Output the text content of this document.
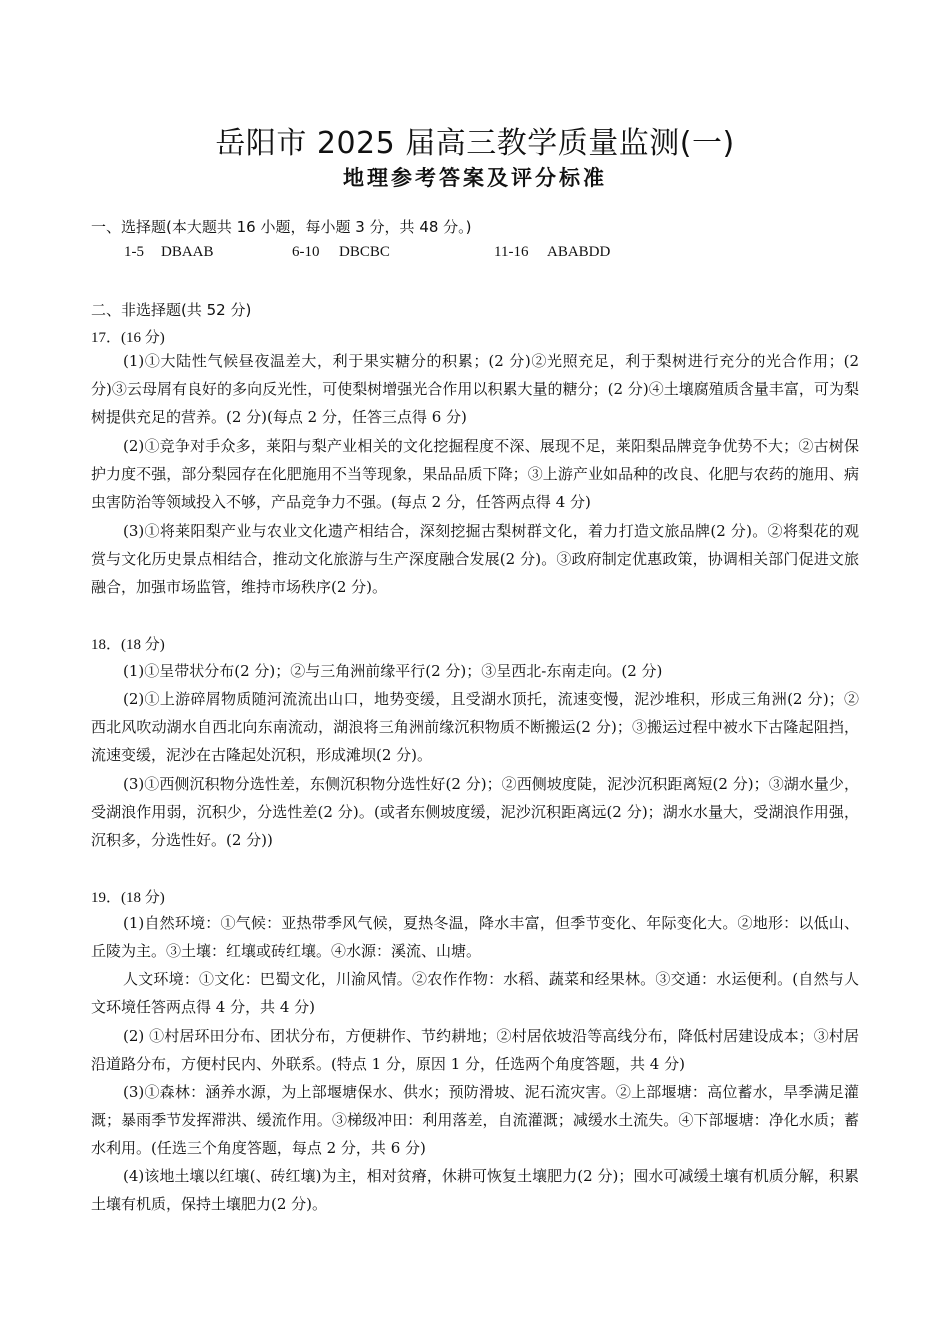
岳阳市 2025 届高三教学质量监测(一)
地理参考答案及评分标准
一、选择题(本大题共 16 小题，每小题 3 分，共 48 分。)
1-5 DBAAB	6-10 DBCBC	11-16 ABABDD
二、非选择题(共 52 分)
17．(16 分)

(1)①大陆性气候昼夜温差大，利于果实糖分的积累；(2 分)②光照充足，利于梨树进行充分的光合作用；(2 分)③云母屑有良好的多向反光性，可使梨树增强光合作用以积累大量的糖分；(2 分)④土壤腐殖质含量丰富，可为梨树提供充足的营养。(2 分)(每点 2 分，任答三点得 6 分)

(2)①竞争对手众多，莱阳与梨产业相关的文化挖掘程度不深、展现不足，莱阳梨品牌竞争优势不大；②古树保护力度不强，部分梨园存在化肥施用不当等现象，果品品质下降；③上游产业如品种的改良、化肥与农药的施用、病虫害防治等领域投入不够，产品竞争力不强。(每点 2 分，任答两点得 4 分)

(3)①将莱阳梨产业与农业文化遗产相结合，深刻挖掘古梨树群文化，着力打造文旅品牌(2 分)。②将梨花的观赏与文化历史景点相结合，推动文化旅游与生产深度融合发展(2 分)。③政府制定优惠政策，协调相关部门促进文旅融合，加强市场监管，维持市场秩序(2 分)。

18．(18 分)

(1)①呈带状分布(2 分)；②与三角洲前缘平行(2 分)；③呈西北-东南走向。(2 分)

(2)①上游碎屑物质随河流流出山口，地势变缓，且受湖水顶托，流速变慢，泥沙堆积，形成三角洲(2 分)；②西北风吹动湖水自西北向东南流动，湖浪将三角洲前缘沉积物质不断搬运(2 分)；③搬运过程中被水下古隆起阻挡，流速变缓，泥沙在古隆起处沉积，形成滩坝(2 分)。

(3)①西侧沉积物分选性差，东侧沉积物分选性好(2 分)；②西侧坡度陡，泥沙沉积距离短(2 分)；③湖水量少，受湖浪作用弱，沉积少，分选性差(2 分)。(或者东侧坡度缓，泥沙沉积距离远(2 分)；湖水水量大，受湖浪作用强，沉积多，分选性好。(2 分))

19．(18 分)

(1)自然环境：①气候：亚热带季风气候，夏热冬温，降水丰富，但季节变化、年际变化大。②地形：以低山、丘陵为主。③土壤：红壤或砖红壤。④水源：溪流、山塘。

人文环境：①文化：巴蜀文化，川渝风情。②农作作物：水稻、蔬菜和经果林。③交通：水运便利。(自然与人文环境任答两点得 4 分，共 4 分)

(2) ①村居环田分布、团状分布，方便耕作、节约耕地；②村居依坡沿等高线分布，降低村居建设成本；③村居沿道路分布，方便村民内、外联系。(特点 1 分，原因 1 分，任选两个角度答题，共 4 分)

(3)①森林：涵养水源，为上部堰塘保水、供水；预防滑坡、泥石流灾害。②上部堰塘：高位蓄水，旱季满足灌溉；暴雨季节发挥滞洪、缓流作用。③梯级冲田：利用落差，自流灌溉；减缓水土流失。④下部堰塘：净化水质；蓄水利用。(任选三个角度答题，每点 2 分，共 6 分)

(4)该地土壤以红壤(、砖红壤)为主，相对贫瘠，休耕可恢复土壤肥力(2 分)；囤水可减缓土壤有机质分解，积累土壤有机质，保持土壤肥力(2 分)。
